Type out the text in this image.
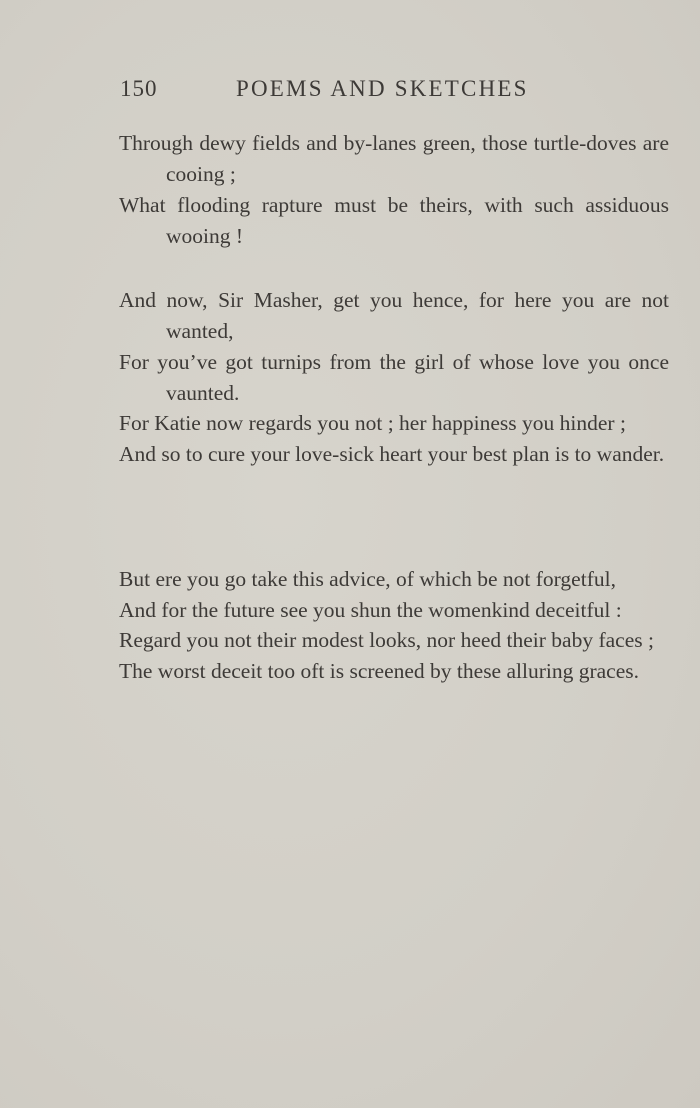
150	POEMS AND SKETCHES
Through dewy fields and by-lanes green, those turtle-doves are cooing ;
What flooding rapture must be theirs, with such assiduous wooing !
And now, Sir Masher, get you hence, for here you are not wanted,
For you’ve got turnips from the girl of whose love you once vaunted.
For Katie now regards you not ; her happiness you hinder ;
And so to cure your love-sick heart your best plan is to wander.
But ere you go take this advice, of which be not forgetful,
And for the future see you shun the womenkind deceitful :
Regard you not their modest looks, nor heed their baby faces ;
The worst deceit too oft is screened by these alluring graces.
